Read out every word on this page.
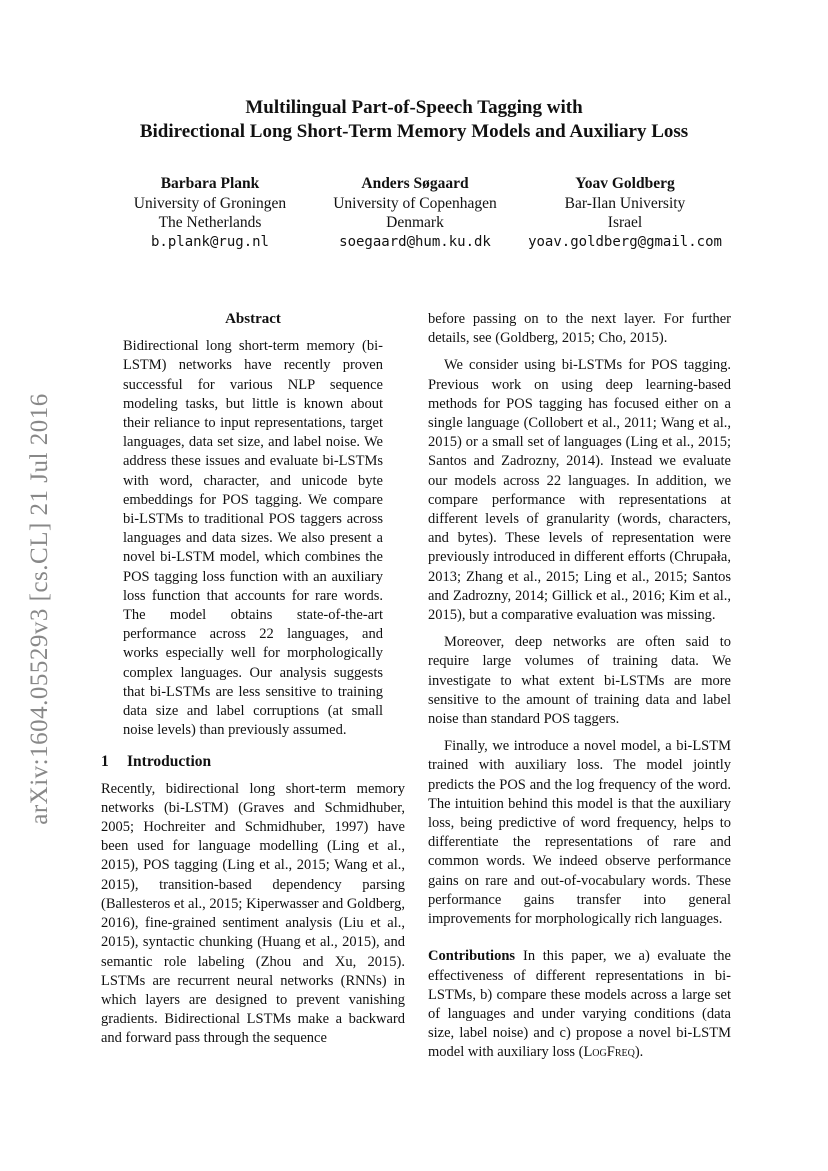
Multilingual Part-of-Speech Tagging with
Bidirectional Long Short-Term Memory Models and Auxiliary Loss
Barbara Plank
University of Groningen
The Netherlands
b.plank@rug.nl
Anders Søgaard
University of Copenhagen
Denmark
soegaard@hum.ku.dk
Yoav Goldberg
Bar-Ilan University
Israel
yoav.goldberg@gmail.com
arXiv:1604.05529v3 [cs.CL] 21 Jul 2016
Abstract
Bidirectional long short-term memory (bi-LSTM) networks have recently proven successful for various NLP sequence modeling tasks, but little is known about their reliance to input representations, target languages, data set size, and label noise. We address these issues and evaluate bi-LSTMs with word, character, and unicode byte embeddings for POS tagging. We compare bi-LSTMs to traditional POS taggers across languages and data sizes. We also present a novel bi-LSTM model, which combines the POS tagging loss function with an auxiliary loss function that accounts for rare words. The model obtains state-of-the-art performance across 22 languages, and works especially well for morphologically complex languages. Our analysis suggests that bi-LSTMs are less sensitive to training data size and label corruptions (at small noise levels) than previously assumed.
1 Introduction

Recently, bidirectional long short-term memory networks (bi-LSTM) (Graves and Schmidhuber, 2005; Hochreiter and Schmidhuber, 1997) have been used for language modelling (Ling et al., 2015), POS tagging (Ling et al., 2015; Wang et al., 2015), transition-based dependency parsing (Ballesteros et al., 2015; Kiperwasser and Goldberg, 2016), fine-grained sentiment analysis (Liu et al., 2015), syntactic chunking (Huang et al., 2015), and semantic role labeling (Zhou and Xu, 2015). LSTMs are recurrent neural networks (RNNs) in which layers are designed to prevent vanishing gradients. Bidirectional LSTMs make a backward and forward pass through the sequence

before passing on to the next layer. For further details, see (Goldberg, 2015; Cho, 2015).

We consider using bi-LSTMs for POS tagging. Previous work on using deep learning-based methods for POS tagging has focused either on a single language (Collobert et al., 2011; Wang et al., 2015) or a small set of languages (Ling et al., 2015; Santos and Zadrozny, 2014). Instead we evaluate our models across 22 languages. In addition, we compare performance with representations at different levels of granularity (words, characters, and bytes). These levels of representation were previously introduced in different efforts (Chrupała, 2013; Zhang et al., 2015; Ling et al., 2015; Santos and Zadrozny, 2014; Gillick et al., 2016; Kim et al., 2015), but a comparative evaluation was missing.

Moreover, deep networks are often said to require large volumes of training data. We investigate to what extent bi-LSTMs are more sensitive to the amount of training data and label noise than standard POS taggers.

Finally, we introduce a novel model, a bi-LSTM trained with auxiliary loss. The model jointly predicts the POS and the log frequency of the word. The intuition behind this model is that the auxiliary loss, being predictive of word frequency, helps to differentiate the representations of rare and common words. We indeed observe performance gains on rare and out-of-vocabulary words. These performance gains transfer into general improvements for morphologically rich languages.

Contributions In this paper, we a) evaluate the effectiveness of different representations in bi-LSTMs, b) compare these models across a large set of languages and under varying conditions (data size, label noise) and c) propose a novel bi-LSTM model with auxiliary loss (LogFreq).
